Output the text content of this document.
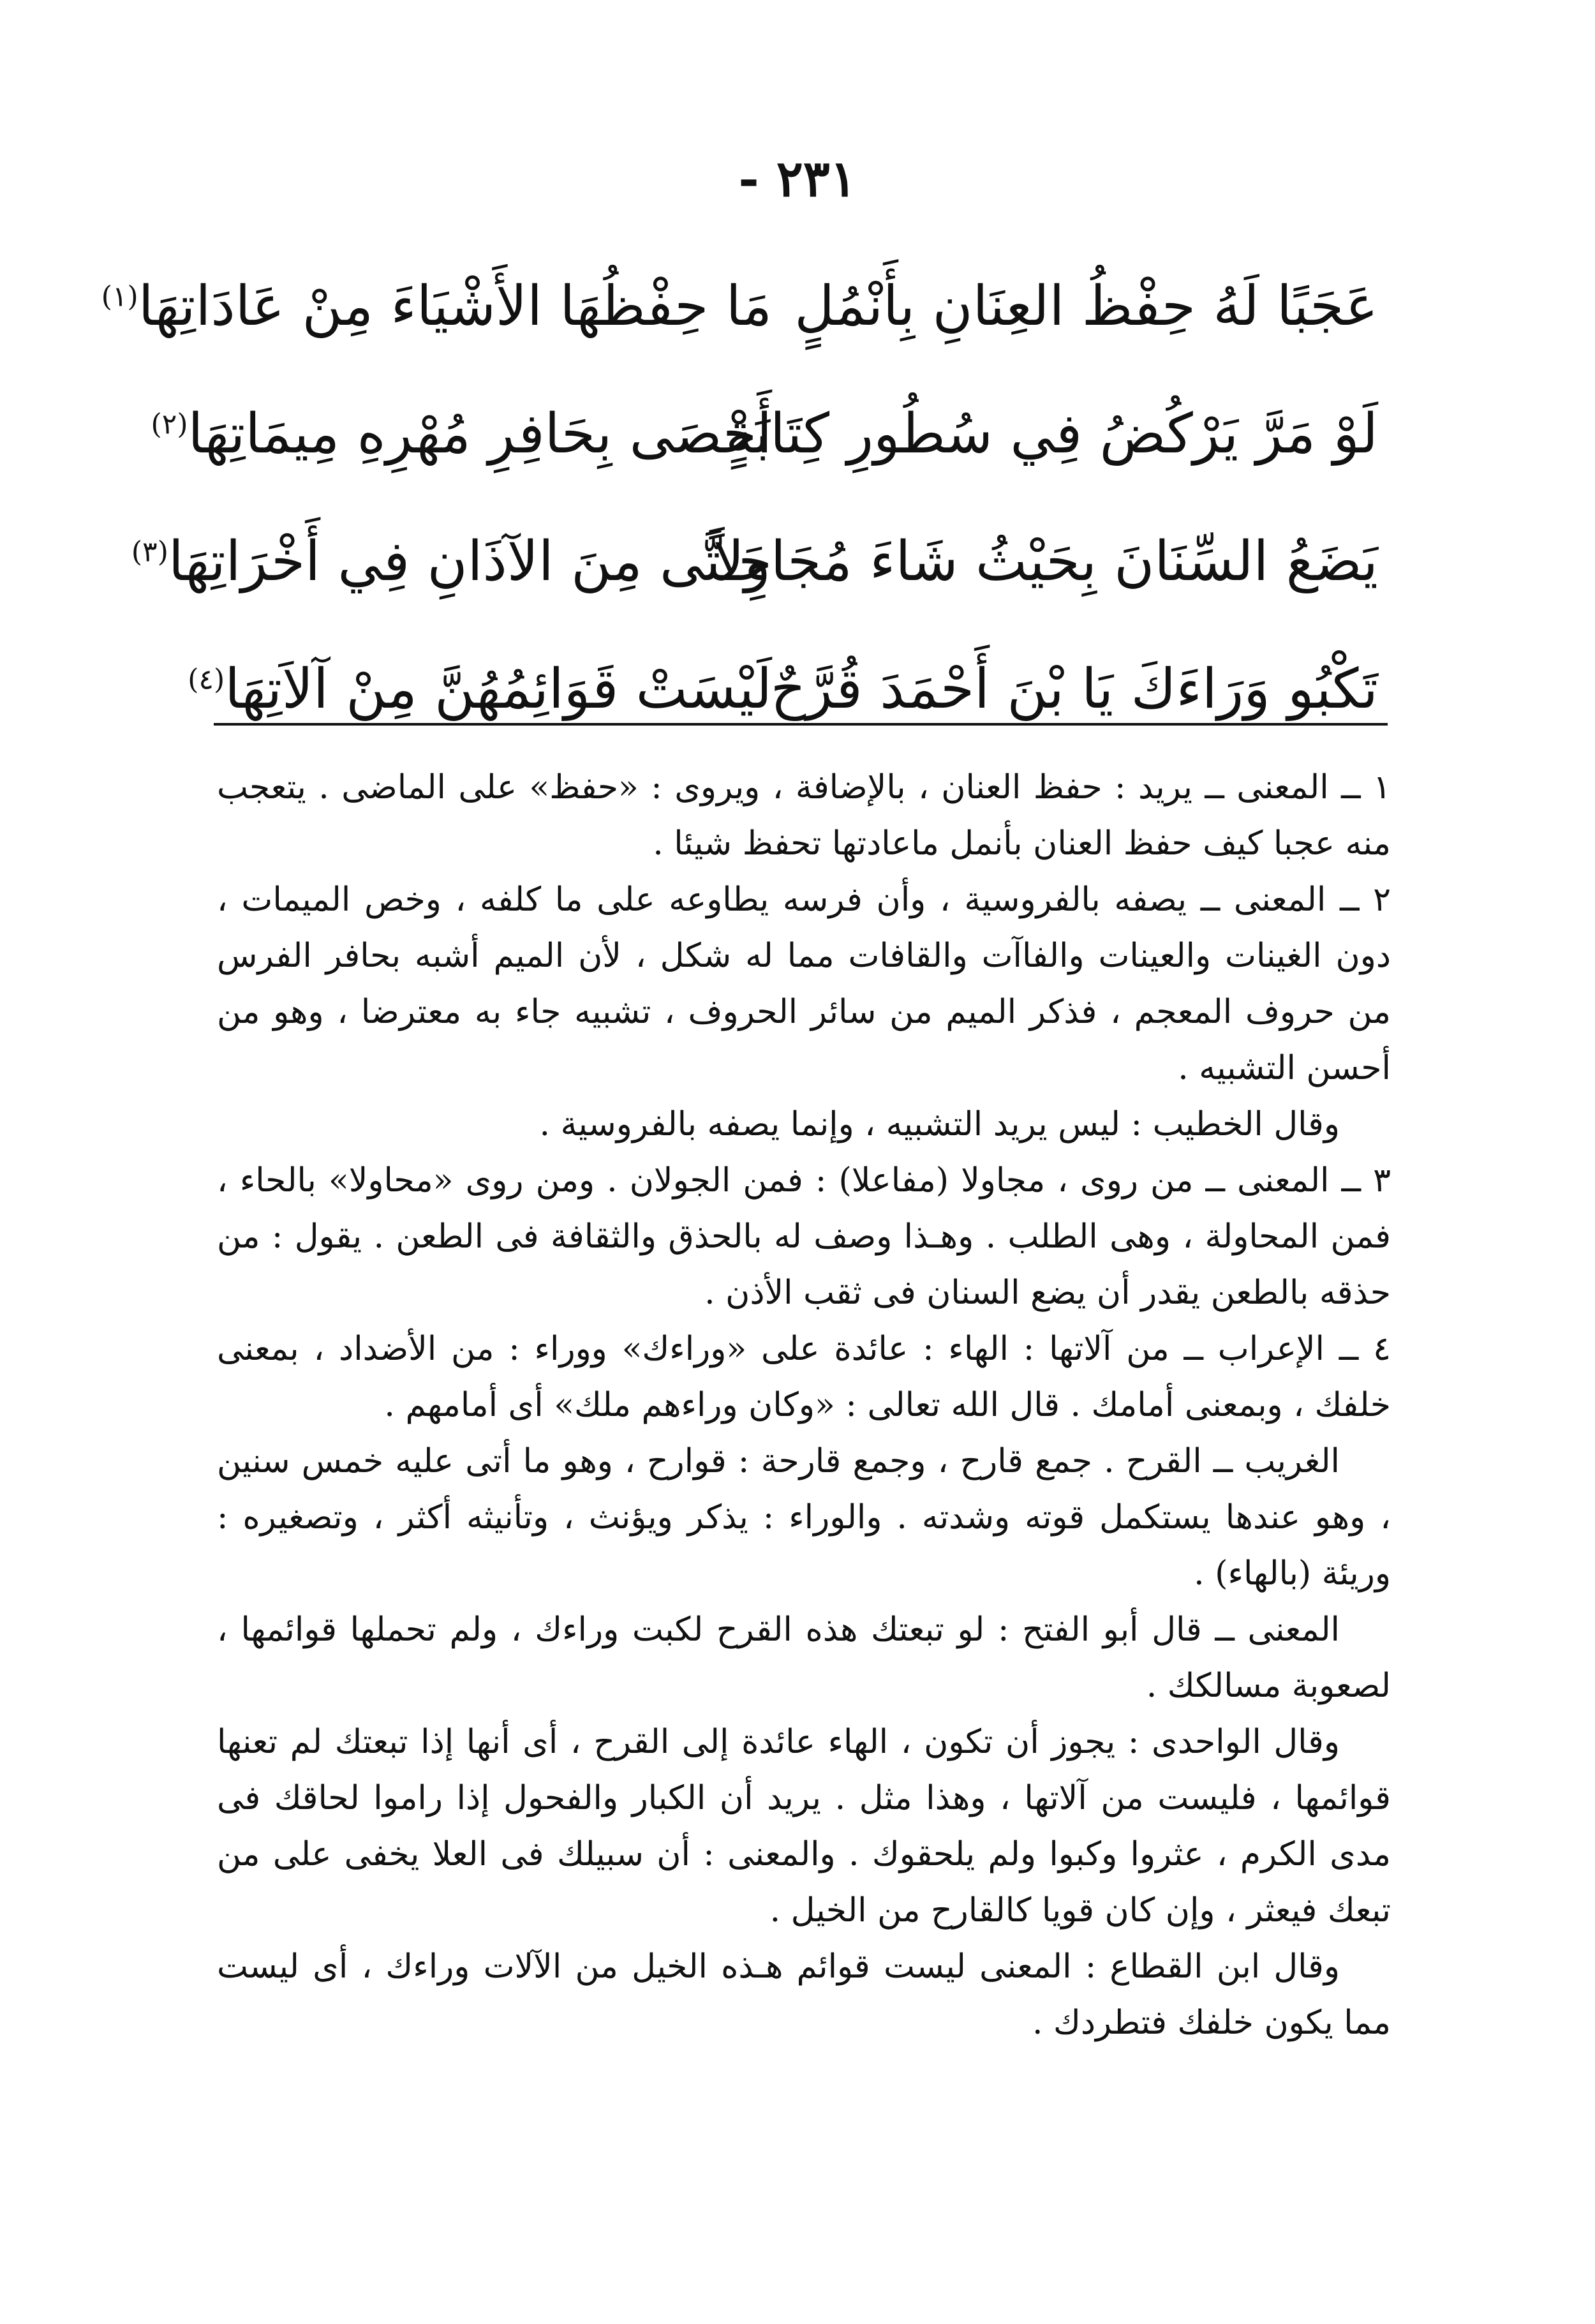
- ٢٣١
عَجَبًا لَهُ حِفْظُ العِنَانِ بِأَنْمُلٍ
مَا حِفْظُهَا الأَشْيَاءَ مِنْ عَادَاتِهَا$^{(١)}$
لَوْ مَرَّ يَرْكُضُ فِي سُطُورِ كِتَابَةٍ
أَحْصَى بِحَافِرِ مُهْرِهِ مِيمَاتِهَا$^{(٢)}$
يَضَعُ السِّنَانَ بِحَيْثُ شَاءَ مُجَاوِلاً
حَـتَّى مِنَ الآذَانِ فِي أَخْرَاتِهَا$^{(٣)}$
تَكْبُو وَرَاءَكَ يَا بْنَ أَحْمَدَ قُرَّحٌ
لَيْسَتْ قَوَائِمُهُنَّ مِنْ آلاَتِهَا$^{(٤)}$

١ ــ المعنى ــ يريد : حفظ العنان ، بالإضافة ، ويروى : «حفظ» على الماضى . يتعجب منه عجبا كيف حفظ العنان بأنمل ماعادتها تحفظ شيئا .

٢ ــ المعنى ــ يصفه بالفروسية ، وأن فرسه يطاوعه على ما كلفه ، وخص الميمات ، دون الغينات والعينات والفاآت والقافات مما له شكل ، لأن الميم أشبه بحافر الفرس من حروف المعجم ، فذكر الميم من سائر الحروف ، تشبيه جاء به معترضا ، وهو من أحسن التشبيه .

وقال الخطيب : ليس يريد التشبيه ، وإنما يصفه بالفروسية .

٣ ــ المعنى ــ من روى ، مجاولا (مفاعلا) : فمن الجولان . ومن روى «محاولا» بالحاء ، فمن المحاولة ، وهى الطلب . وهـذا وصف له بالحذق والثقافة فى الطعن . يقول : من حذقه بالطعن يقدر أن يضع السنان فى ثقب الأذن .

٤ ــ الإعراب ــ من آلاتها : الهاء : عائدة على «وراءك» ووراء : من الأضداد ، بمعنى خلفك ، وبمعنى أمامك . قال الله تعالى : «وكان وراءهم ملك» أى أمامهم .

الغريب ــ القرح . جمع قارح ، وجمع قارحة : قوارح ، وهو ما أتى عليه خمس سنين ، وهو عندها يستكمل قوته وشدته . والوراء : يذكر ويؤنث ، وتأنيثه أكثر ، وتصغيره : وريئة (بالهاء) .

المعنى ــ قال أبو الفتح : لو تبعتك هذه القرح لكبت وراءك ، ولم تحملها قوائمها ، لصعوبة مسالكك .

وقال الواحدى : يجوز أن تكون ، الهاء عائدة إلى القرح ، أى أنها إذا تبعتك لم تعنها قوائمها ، فليست من آلاتها ، وهذا مثل . يريد أن الكبار والفحول إذا راموا لحاقك فى مدى الكرم ، عثروا وكبوا ولم يلحقوك . والمعنى : أن سبيلك فى العلا يخفى على من تبعك فيعثر ، وإن كان قويا كالقارح من الخيل .

وقال ابن القطاع : المعنى ليست قوائم هـذه الخيل من الآلات وراءك ، أى ليست مما يكون خلفك فتطردك .
